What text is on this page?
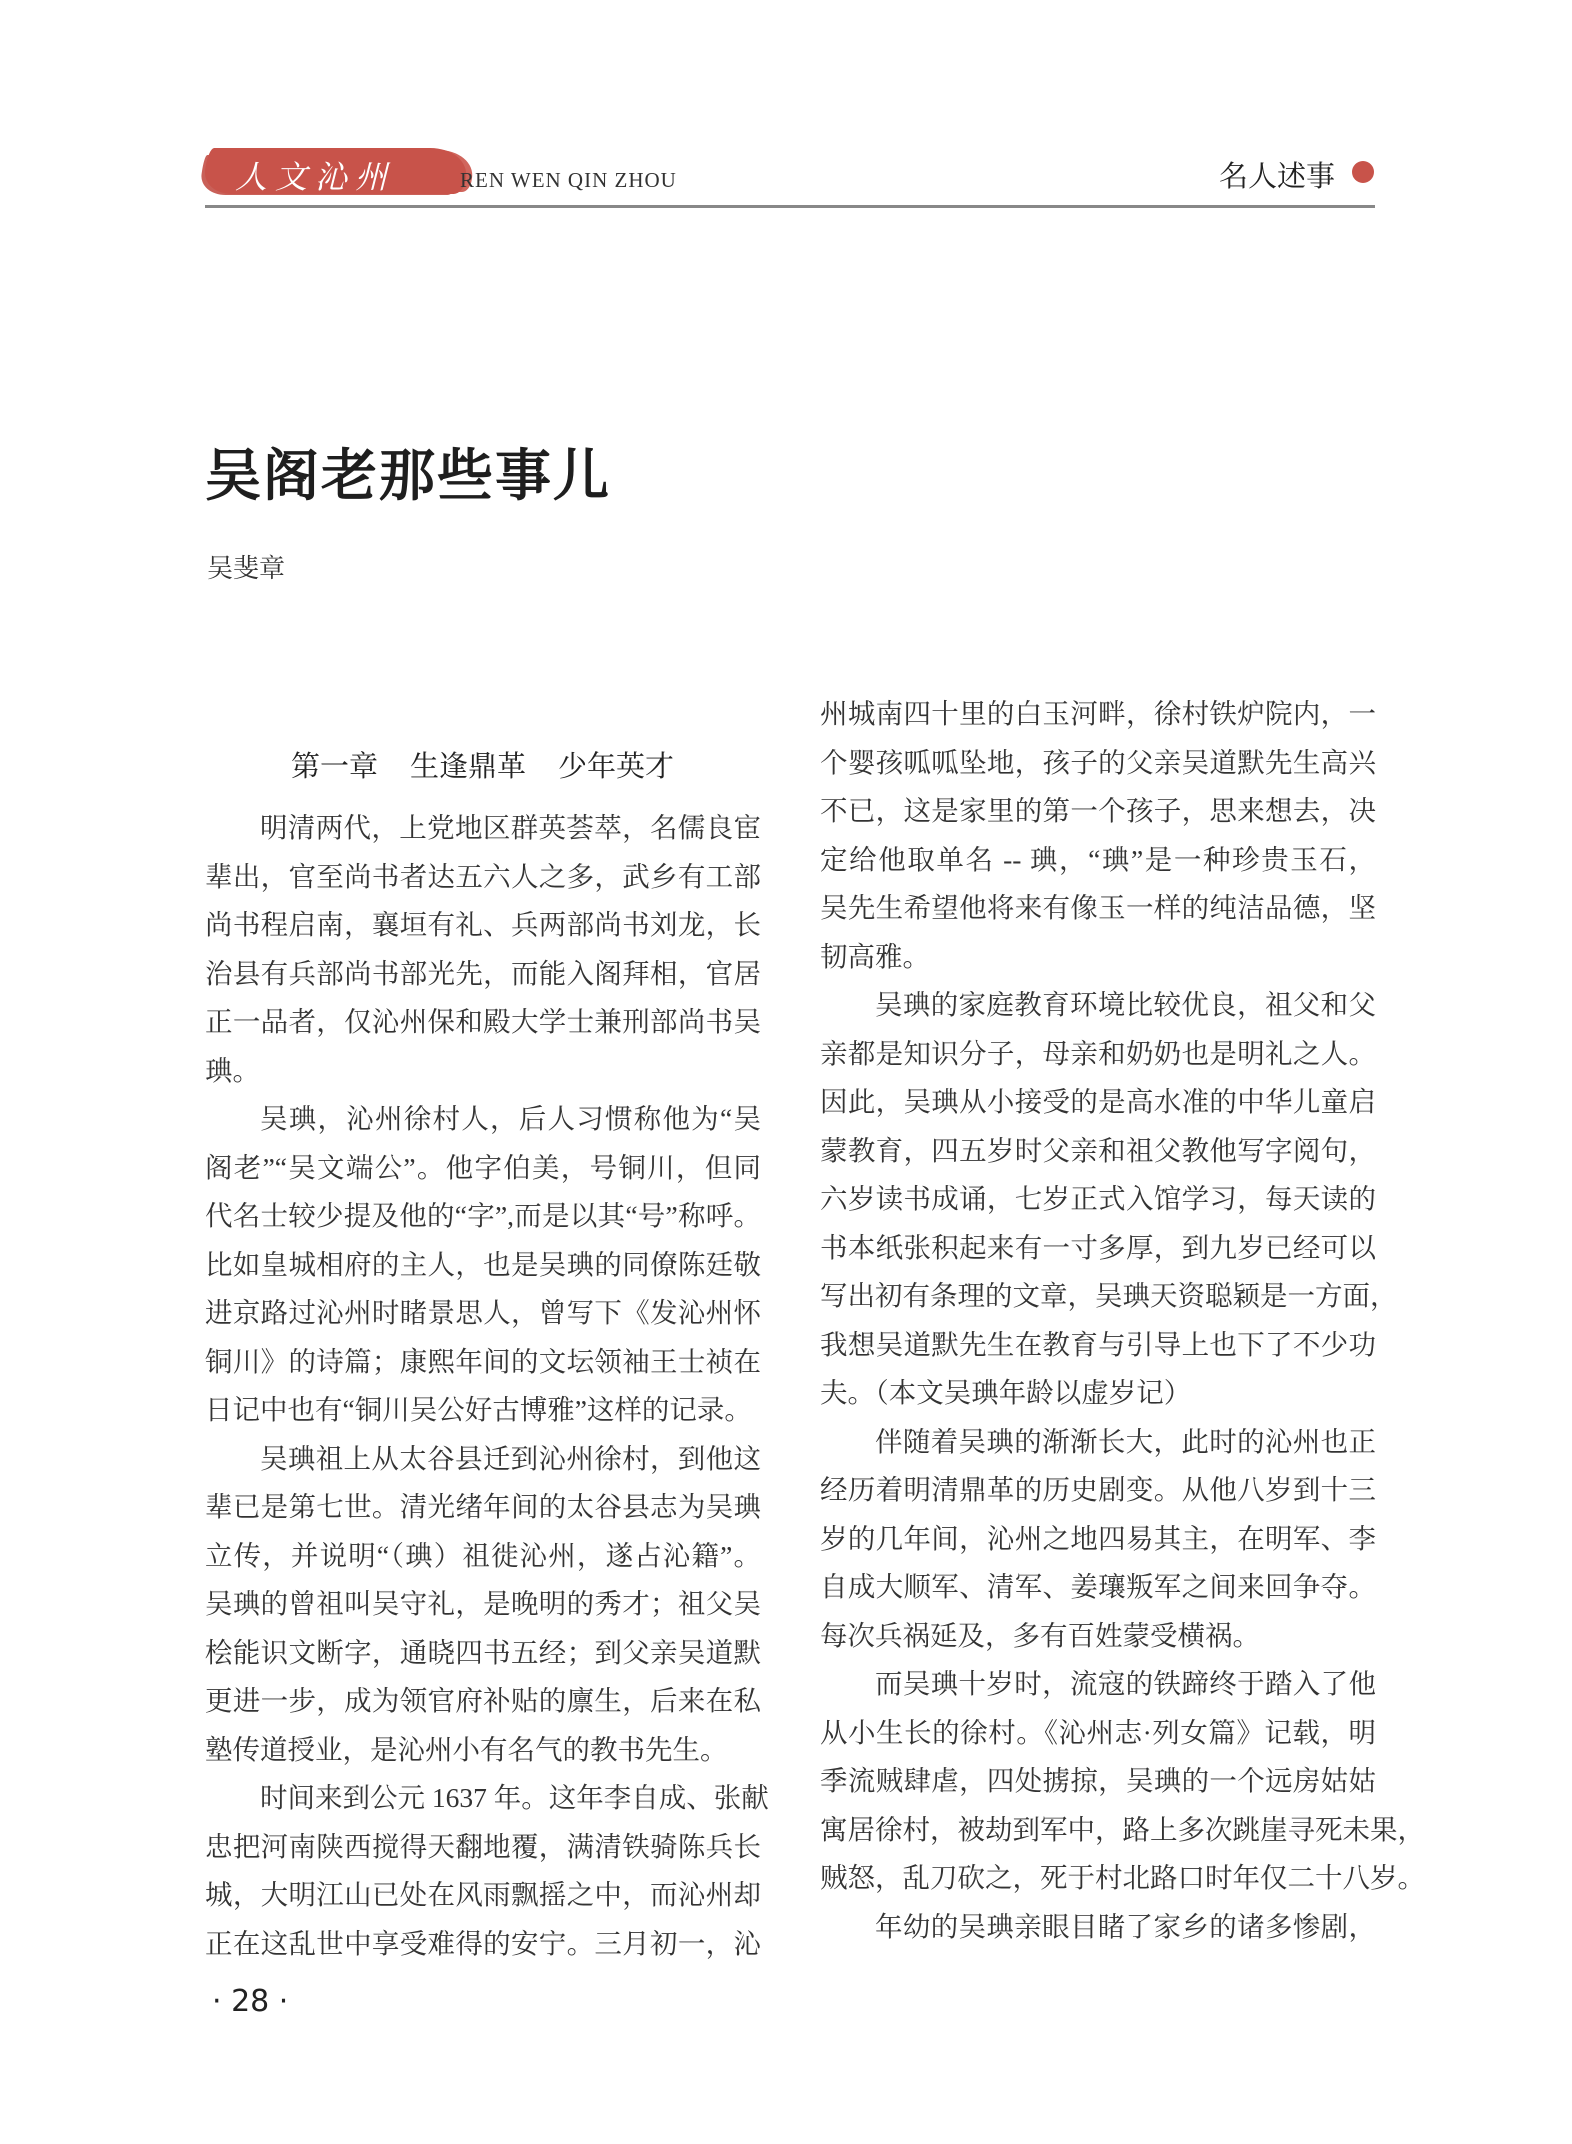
人文沁州	REN WEN QIN ZHOU	名人述事
吴阁老那些事儿
吴斐章
第一章 生逢鼎革 少年英才
明清两代，上党地区群英荟萃，名儒良宦
辈出，官至尚书者达五六人之多，武乡有工部
尚书程启南，襄垣有礼、兵两部尚书刘龙，长
治县有兵部尚书部光先，而能入阁拜相，官居
正一品者，仅沁州保和殿大学士兼刑部尚书吴
琠。
吴琠，沁州徐村人，后人习惯称他为“吴
阁老”“吴文端公”。他字伯美，号铜川，但同
代名士较少提及他的“字”,而是以其“号”称呼。
比如皇城相府的主人，也是吴琠的同僚陈廷敬
进京路过沁州时睹景思人，曾写下《发沁州怀
铜川》的诗篇；康熙年间的文坛领袖王士祯在
日记中也有“铜川吴公好古博雅”这样的记录。
吴琠祖上从太谷县迁到沁州徐村，到他这
辈已是第七世。清光绪年间的太谷县志为吴琠
立传，并说明“（琠）祖徙沁州，遂占沁籍”。
吴琠的曾祖叫吴守礼，是晚明的秀才；祖父吴
桧能识文断字，通晓四书五经；到父亲吴道默
更进一步，成为领官府补贴的廪生，后来在私
塾传道授业，是沁州小有名气的教书先生。
时间来到公元 1637 年。这年李自成、张献
忠把河南陕西搅得天翻地覆，满清铁骑陈兵长
城，大明江山已处在风雨飘摇之中，而沁州却
正在这乱世中享受难得的安宁。三月初一，沁
州城南四十里的白玉河畔，徐村铁炉院内，一
个婴孩呱呱坠地，孩子的父亲吴道默先生高兴
不已，这是家里的第一个孩子，思来想去，决
定给他取单名 -- 琠，“琠”是一种珍贵玉石，
吴先生希望他将来有像玉一样的纯洁品德，坚
韧高雅。
吴琠的家庭教育环境比较优良，祖父和父
亲都是知识分子，母亲和奶奶也是明礼之人。
因此，吴琠从小接受的是高水准的中华儿童启
蒙教育，四五岁时父亲和祖父教他写字阅句，
六岁读书成诵，七岁正式入馆学习，每天读的
书本纸张积起来有一寸多厚，到九岁已经可以
写出初有条理的文章，吴琠天资聪颖是一方面，
我想吴道默先生在教育与引导上也下了不少功
夫。（本文吴琠年龄以虚岁记）
伴随着吴琠的渐渐长大，此时的沁州也正
经历着明清鼎革的历史剧变。从他八岁到十三
岁的几年间，沁州之地四易其主，在明军、李
自成大顺军、清军、姜瓖叛军之间来回争夺。
每次兵祸延及，多有百姓蒙受横祸。
而吴琠十岁时，流寇的铁蹄终于踏入了他
从小生长的徐村。《沁州志·列女篇》记载，明
季流贼肆虐，四处掳掠，吴琠的一个远房姑姑
寓居徐村，被劫到军中，路上多次跳崖寻死未果，
贼怒，乱刀砍之，死于村北路口时年仅二十八岁。
年幼的吴琠亲眼目睹了家乡的诸多惨剧，
· 28 ·
